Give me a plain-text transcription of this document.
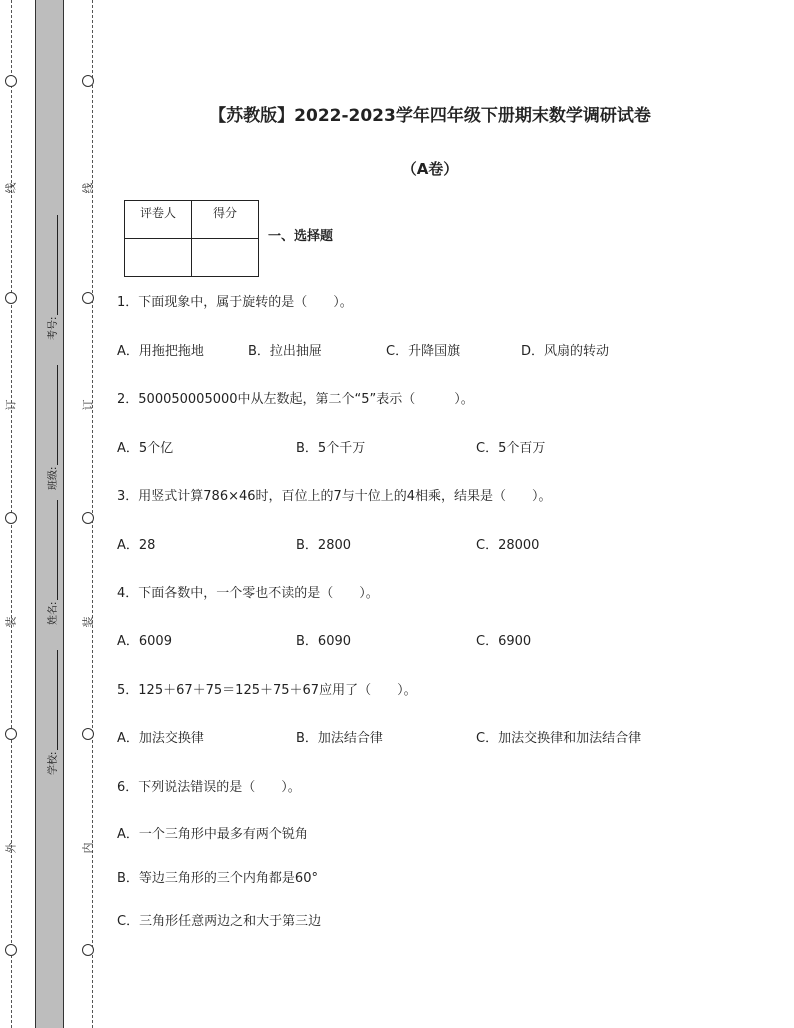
线
订
装
外
线
订
装
内
考号:
班级:
姓名:
学校:
【苏教版】2022-2023学年四年级下册期末数学调研试卷
（A卷）
评卷人	得分

一、选择题
1．下面现象中，属于旋转的是（　　）。
A．用拖把拖地	B．拉出抽屉	C．升降国旗	D．风扇的转动
2．500050005000中从左数起，第二个“5”表示（　　　）。
A．5个亿	B．5个千万	C．5个百万
3．用竖式计算786×46时，百位上的7与十位上的4相乘，结果是（　　）。
A．28	B．2800	C．28000
4．下面各数中，一个零也不读的是（　　）。
A．6009	B．6090	C．6900
5．125＋67＋75＝125＋75＋67应用了（　　）。
A．加法交换律	B．加法结合律	C．加法交换律和加法结合律
6．下列说法错误的是（　　）。
A．一个三角形中最多有两个锐角
B．等边三角形的三个内角都是60°
C．三角形任意两边之和大于第三边
